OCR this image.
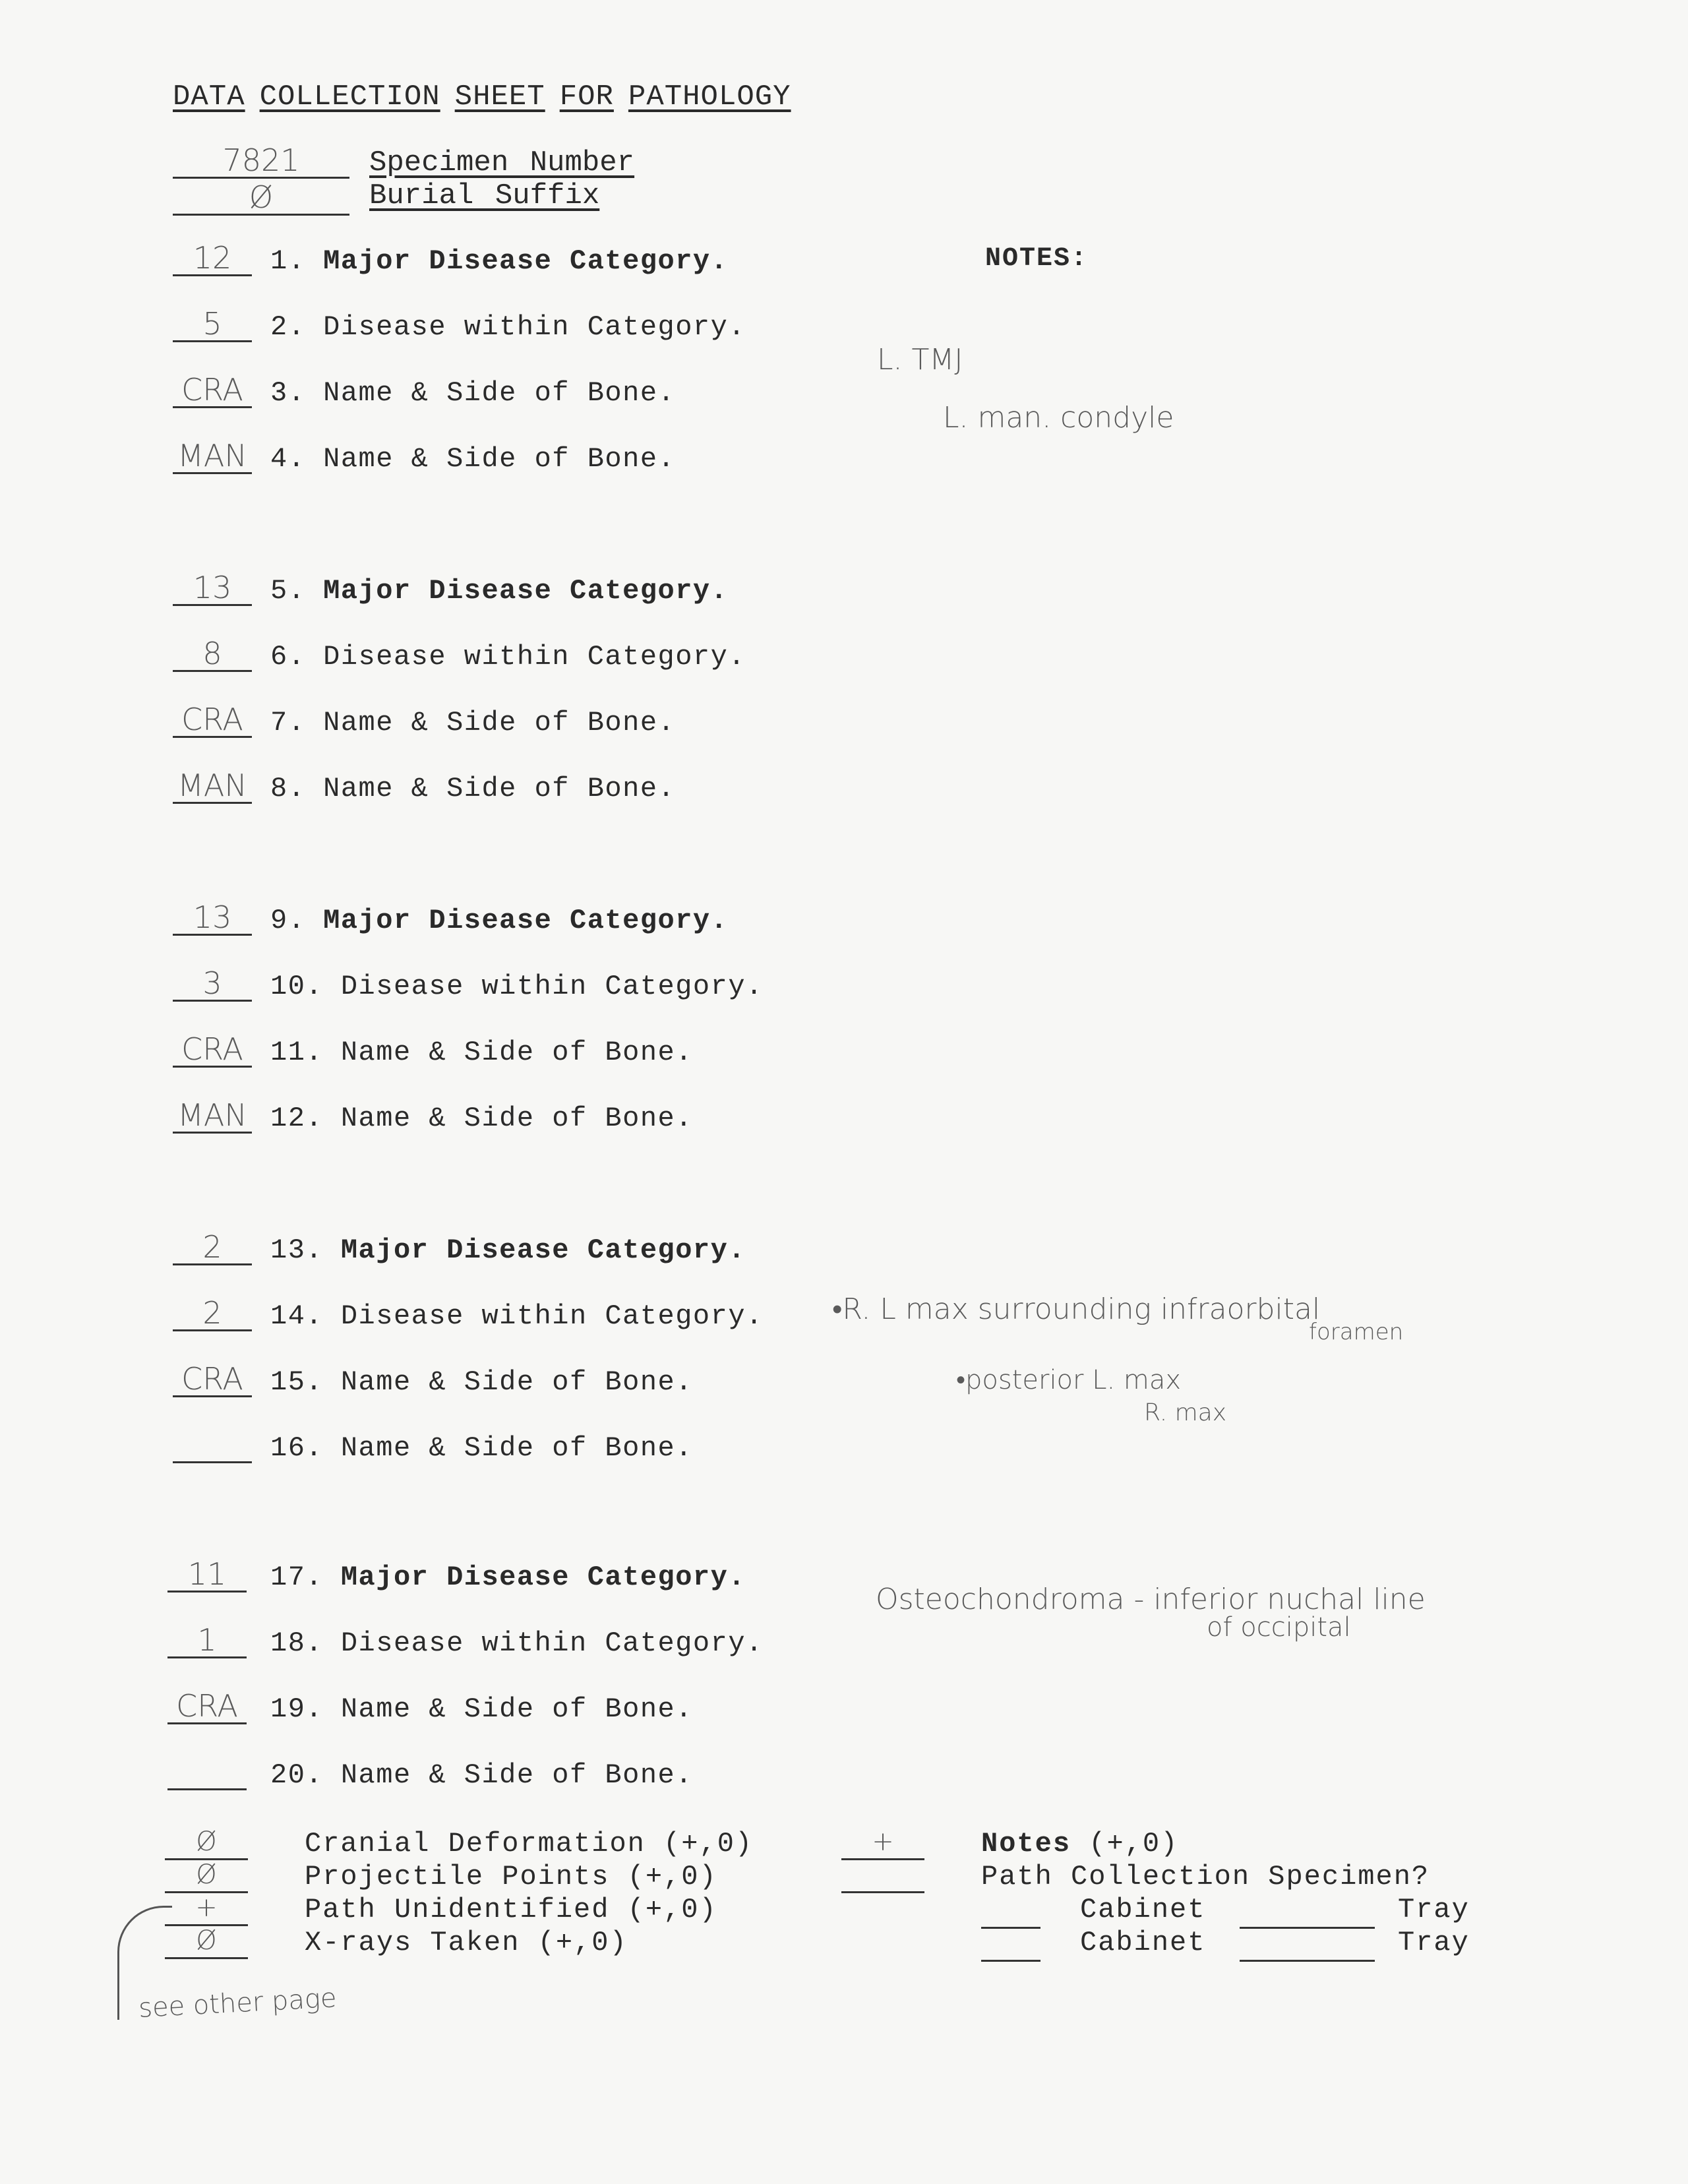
DATA COLLECTION SHEET FOR PATHOLOGY
7821	Specimen Number
Ø	Burial Suffix
NOTES:
12	1. Major Disease Category.
5	2. Disease within Category.
CRA 3. Name & Side of Bone.
MAN 4. Name & Side of Bone.
13	5. Major Disease Category.
8	6. Disease within Category.
CRA 7. Name & Side of Bone.
MAN 8. Name & Side of Bone.
13	9. Major Disease Category.
3	10. Disease within Category.
CRA 11. Name & Side of Bone.
MAN 12. Name & Side of Bone.
2	13. Major Disease Category.
2	14. Disease within Category.
CRA 15. Name & Side of Bone.
16. Name & Side of Bone.
11	17. Major Disease Category.
1	18. Disease within Category.
CRA	19. Name & Side of Bone.
20. Name & Side of Bone.
L. TMJ
L. man. condyle
•R. L max surrounding infraorbital
foramen
•posterior L. max
R. max
Osteochondroma - inferior nuchal line
of occipital
Ø	Cranial Deformation (+,0)
Ø	Projectile Points (+,0)
+	Path Unidentified (+,0)
Ø	X-rays Taken (+,0)
+	Notes (+,0)
Path Collection Specimen?
Cabinet	Tray
Cabinet	Tray
see other page
